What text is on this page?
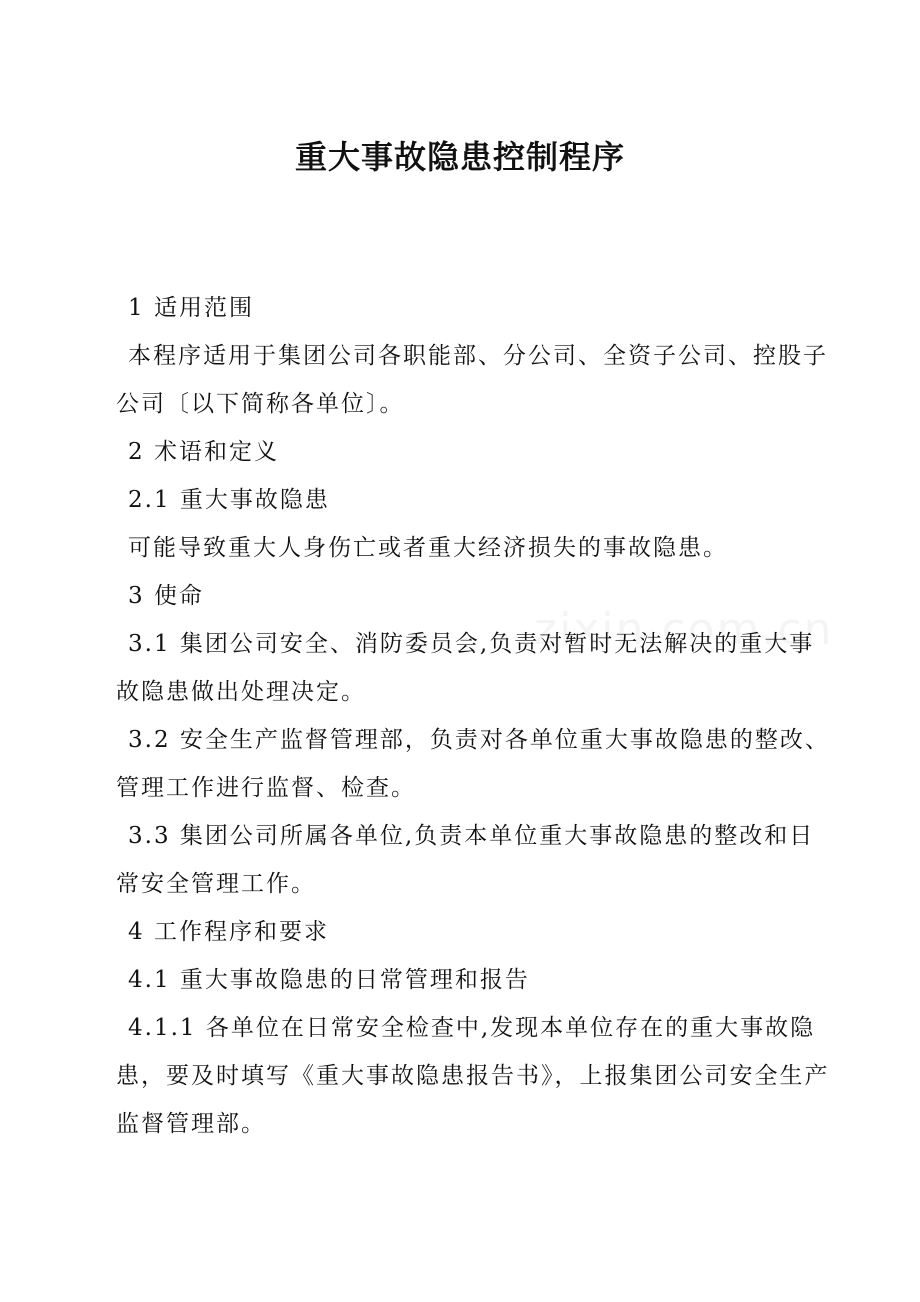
重大事故隐患控制程序
1 适用范围
本程序适用于集团公司各职能部、分公司、全资子公司、控股子
公司〔以下简称各单位〕。
2 术语和定义
2.1 重大事故隐患
可能导致重大人身伤亡或者重大经济损失的事故隐患。
3 使命
3.1 集团公司安全、消防委员会,负责对暂时无法解决的重大事
故隐患做出处理决定。
3.2 安全生产监督管理部，负责对各单位重大事故隐患的整改、
管理工作进行监督、检查。
3.3 集团公司所属各单位,负责本单位重大事故隐患的整改和日
常安全管理工作。
4 工作程序和要求
4.1 重大事故隐患的日常管理和报告
4.1.1 各单位在日常安全检查中,发现本单位存在的重大事故隐
患，要及时填写《重大事故隐患报告书》，上报集团公司安全生产
监督管理部。
